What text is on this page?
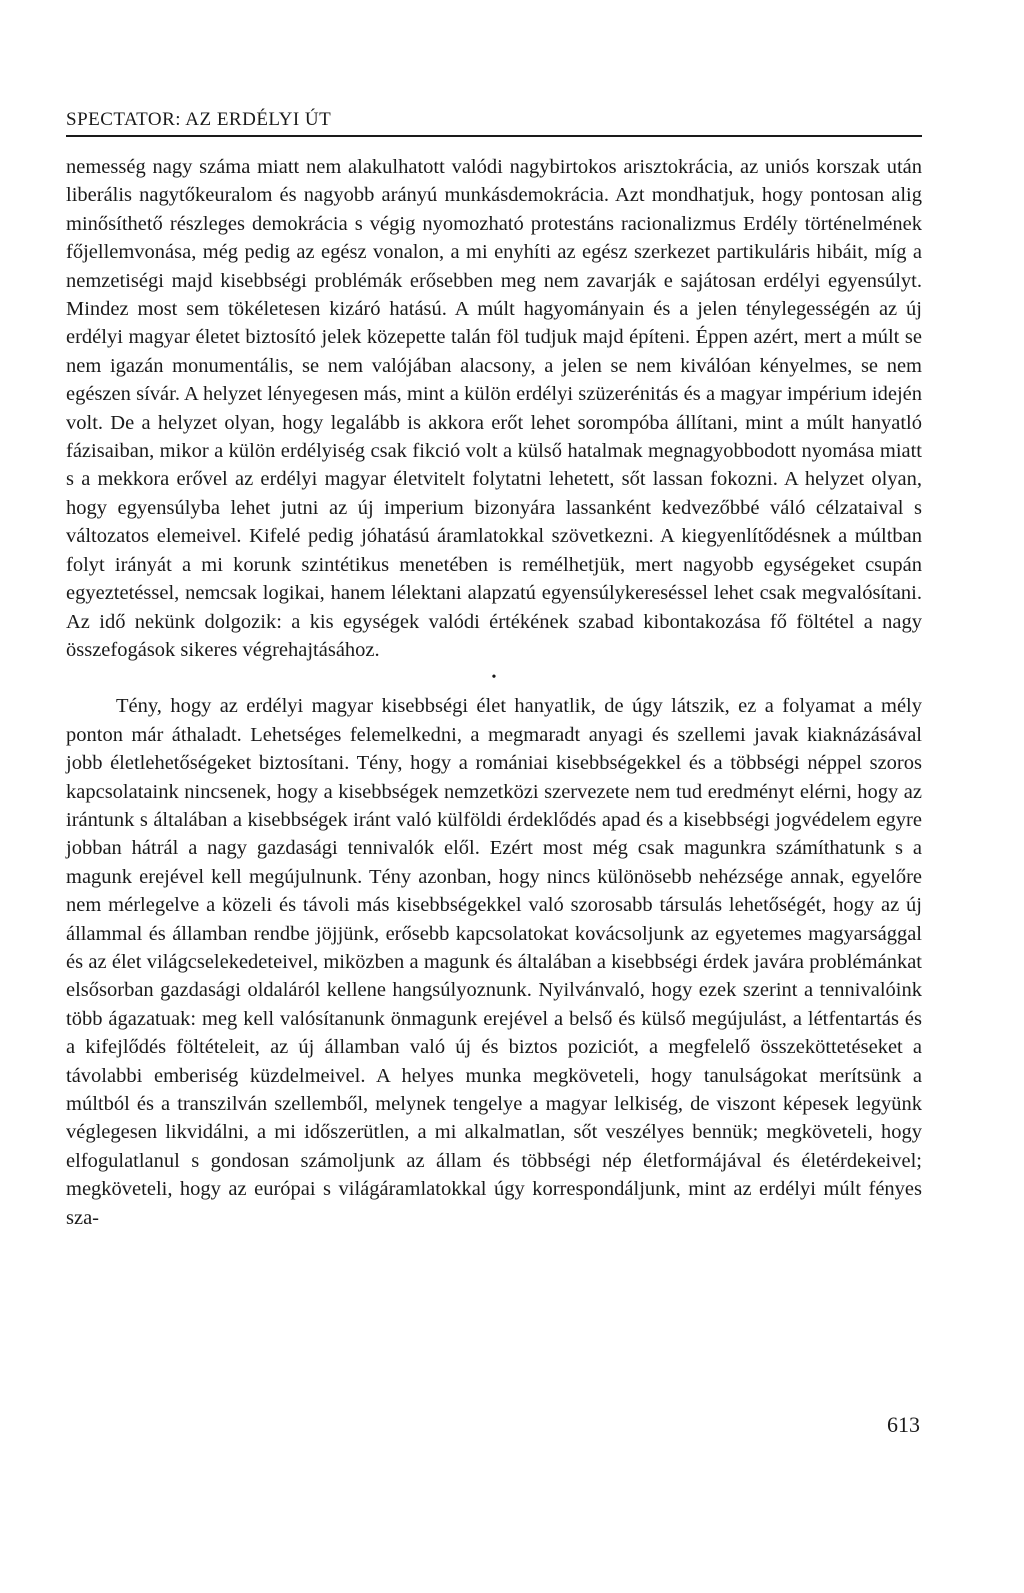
SPECTATOR: AZ ERDÉLYI ÚT

nemesség nagy száma miatt nem alakulhatott valódi nagybirtokos arisztokrácia, az uniós korszak után liberális nagytőkeuralom és nagyobb arányú munkásdemokrácia. Azt mondhatjuk, hogy pontosan alig minősíthető részleges demokrácia s végig nyomozható protestáns racionalizmus Erdély történelmének főjellemvonása, még pedig az egész vonalon, a mi enyhíti az egész szerkezet partikuláris hibáit, míg a nemzetiségi majd kisebbségi problémák erősebben meg nem zavarják e sajátosan erdélyi egyensúlyt. Mindez most sem tökéletesen kizáró hatású. A múlt hagyományain és a jelen ténylegességén az új erdélyi magyar életet biztosító jelek közepette talán föl tudjuk majd építeni. Éppen azért, mert a múlt se nem igazán monumentális, se nem valójában alacsony, a jelen se nem kiválóan kényelmes, se nem egészen sívár. A helyzet lényegesen más, mint a külön erdélyi szüzerénitás és a magyar impérium idején volt. De a helyzet olyan, hogy legalább is akkora erőt lehet sorompóba állítani, mint a múlt hanyatló fázisaiban, mikor a külön erdélyiség csak fikció volt a külső hatalmak megnagyobbodott nyomása miatt s a mekkora erővel az erdélyi magyar életvitelt folytatni lehetett, sőt lassan fokozni. A helyzet olyan, hogy egyensúlyba lehet jutni az új imperium bizonyára lassanként kedvezőbbé váló célzataival s változatos elemeivel. Kifelé pedig jóhatású áramlatokkal szövetkezni. A kiegyenlítődésnek a múltban folyt irányát a mi korunk szintétikus menetében is remélhetjük, mert nagyobb egységeket csupán egyeztetéssel, nemcsak logikai, hanem lélektani alapzatú egyensúlykereséssel lehet csak megvalósítani. Az idő nekünk dolgozik: a kis egységek valódi értékének szabad kibontakozása fő föltétel a nagy összefogások sikeres végrehajtásához.

•

Tény, hogy az erdélyi magyar kisebbségi élet hanyatlik, de úgy látszik, ez a folyamat a mély ponton már áthaladt. Lehetséges felemelkedni, a megmaradt anyagi és szellemi javak kiaknázásával jobb életlehetőségeket biztosítani. Tény, hogy a romániai kisebbségekkel és a többségi néppel szoros kapcsolataink nincsenek, hogy a kisebbségek nemzetközi szervezete nem tud eredményt elérni, hogy az irántunk s általában a kisebbségek iránt való külföldi érdeklődés apad és a kisebbségi jogvédelem egyre jobban hátrál a nagy gazdasági tennivalók elől. Ezért most még csak magunkra számíthatunk s a magunk erejével kell megújulnunk. Tény azonban, hogy nincs különösebb nehézsége annak, egyelőre nem mérlegelve a közeli és távoli más kisebbségekkel való szorosabb társulás lehetőségét, hogy az új állammal és államban rendbe jöjjünk, erősebb kapcsolatokat kovácsoljunk az egyetemes magyarsággal és az élet világcselekedeteivel, miközben a magunk és általában a kisebbségi érdek javára problémánkat elsősorban gazdasági oldaláról kellene hangsúlyoznunk. Nyilvánvaló, hogy ezek szerint a tennivalóink több ágazatuak: meg kell valósítanunk önmagunk erejével a belső és külső megújulást, a létfentartás és a kifejlődés föltételeit, az új államban való új és biztos poziciót, a megfelelő összeköttetéseket a távolabbi emberiség küzdelmeivel. A helyes munka megköveteli, hogy tanulságokat merítsünk a múltból és a transzilván szellemből, melynek tengelye a magyar lelkiség, de viszont képesek legyünk véglegesen likvidálni, a mi időszerütlen, a mi alkalmatlan, sőt veszélyes bennük; megköveteli, hogy elfogulatlanul s gondosan számoljunk az állam és többségi nép életformájával és életérdekeivel; megköveteli, hogy az európai s világáramlatokkal úgy korrespondáljunk, mint az erdélyi múlt fényes sza-

613
